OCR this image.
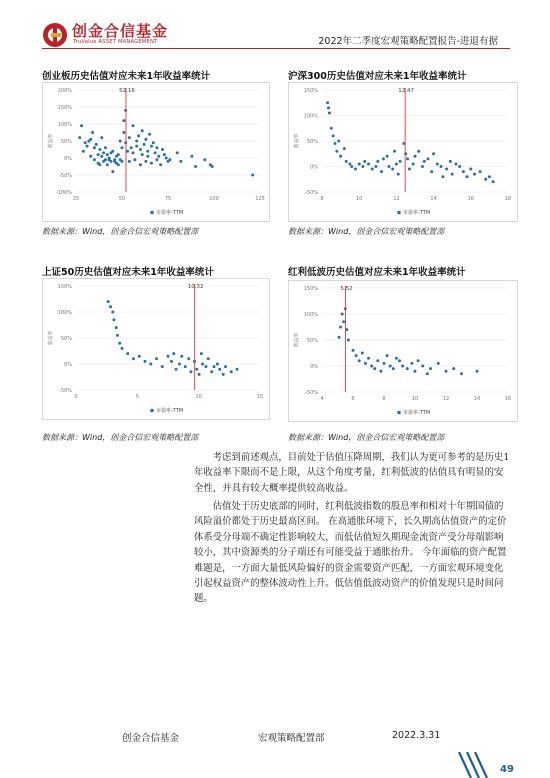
创金合信基金
TruValue ASSET MANAGEMENT	2022年二季度宏观策略配置报告-进退有据
创业板历史估值对应未来1年收益率统计
-100%
-50%
0%
50%
100%
150%
200%
25	50	75	100	125
收益率
52.16
市盈率-TTM
数据来源：Wind，创金合信宏观策略配置部
沪深300历史估值对应未来1年收益率统计
-50%
0%
50%
100%
150%
8	10	12	14	16	18
收益率
12.47
市盈率-TTM
数据来源：Wind，创金合信宏观策略配置部
上证50历史估值对应未来1年收益率统计
-50%
0%
50%
100%
150%
0	5	10	15
收益率
10.32
市盈率-TTM
数据来源：Wind，创金合信宏观策略配置部
红利低波历史估值对应未来1年收益率统计
-50%
0%
50%
100%
150%
4	6	8	10	12	14	16
收益率
5.52
市盈率-TTM
数据来源：Wind，创金合信宏观策略配置部

考虑到前述观点，目前处于估值压降周期，我们认为更可参考的是历史1年收益率下限而不是上限，从这个角度考量，红利低波的估值具有明显的安全性，并具有较大概率提供较高收益。

估值处于历史底部的同时，红利低波指数的股息率和相对十年期国债的风险溢价都处于历史最高区间。 在高通胀环境下，长久期高估值资产的定价体系受分母端不确定性影响较大，而低估值短久期现金流资产受分母端影响较小，其中资源类的分子端还有可能受益于通胀抬升。 今年面临的资产配置难题是，一方面大量低风险偏好的资金需要资产匹配，一方面宏观环境变化引起权益资产的整体波动性上升。低估值低波动资产的价值发现只是时间问题。

创金合信基金	宏观策略配置部	2022.3.31
49
